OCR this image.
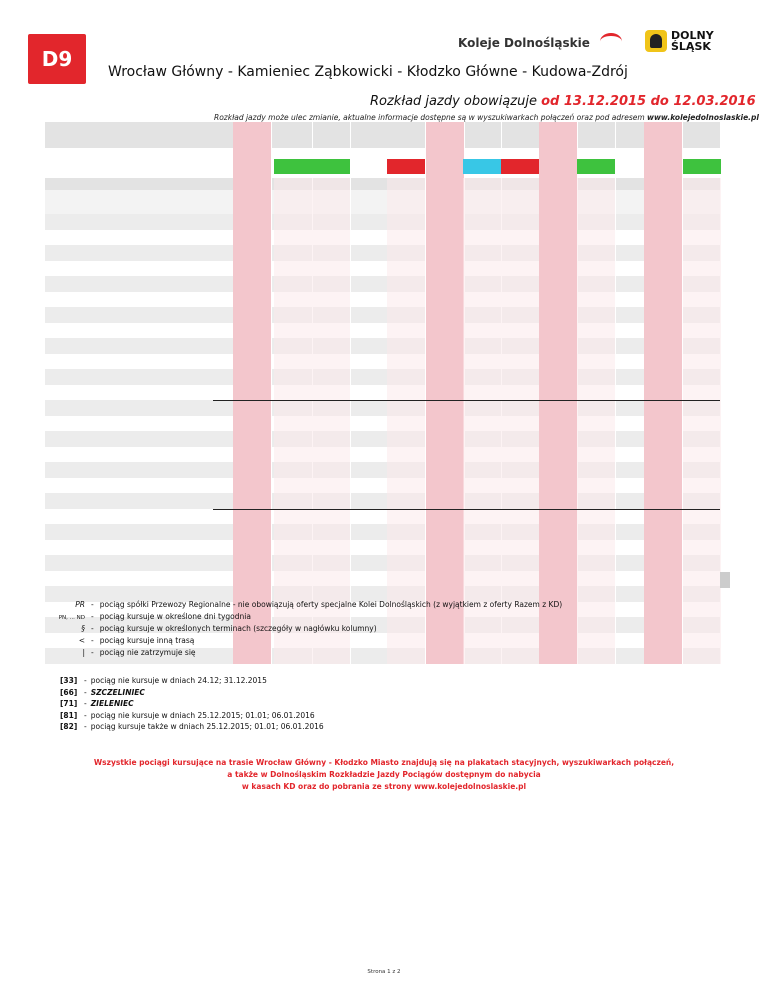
D9
Koleje Dolnośląskie
DOLNY
ŚLĄSK
Wrocław Główny - Kamieniec Ząbkowicki - Kłodzko Główne - Kudowa-Zdrój
Rozkład jazdy obowiązuje od 13.12.2015 do 12.03.2016
Rozkład jazdy może ulec zmianie, aktualne informacje dostępne są w wyszukiwarkach połączeń oraz pod adresem www.kolejedolnoslaskie.pl
PR - pociąg spółki Przewozy Regionalne - nie obowiązują oferty specjalne Kolei Dolnośląskich (z wyjątkiem z oferty Razem z KD)
PN, ... ND - pociąg kursuje w określone dni tygodnia
§ - pociąg kursuje w określonych terminach (szczegóły w nagłówku kolumny)
< - pociąg kursuje inną trasą
| - pociąg nie zatrzymuje się
[33] - pociąg nie kursuje w dniach 24.12; 31.12.2015
[66] - SZCZELINIEC
[71] - ZIELENIEC
[81] - pociąg nie kursuje w dniach 25.12.2015; 01.01; 06.01.2016
[82] - pociąg kursuje także w dniach 25.12.2015; 01.01; 06.01.2016
Wszystkie pociągi kursujące na trasie Wrocław Główny - Kłodzko Miasto znajdują się na plakatach stacyjnych, wyszukiwarkach połączeń,
a także w Dolnośląskim Rozkładzie Jazdy Pociągów dostępnym do nabycia
w kasach KD oraz do pobrania ze strony www.kolejedolnoslaskie.pl
Strona 1 z 2
